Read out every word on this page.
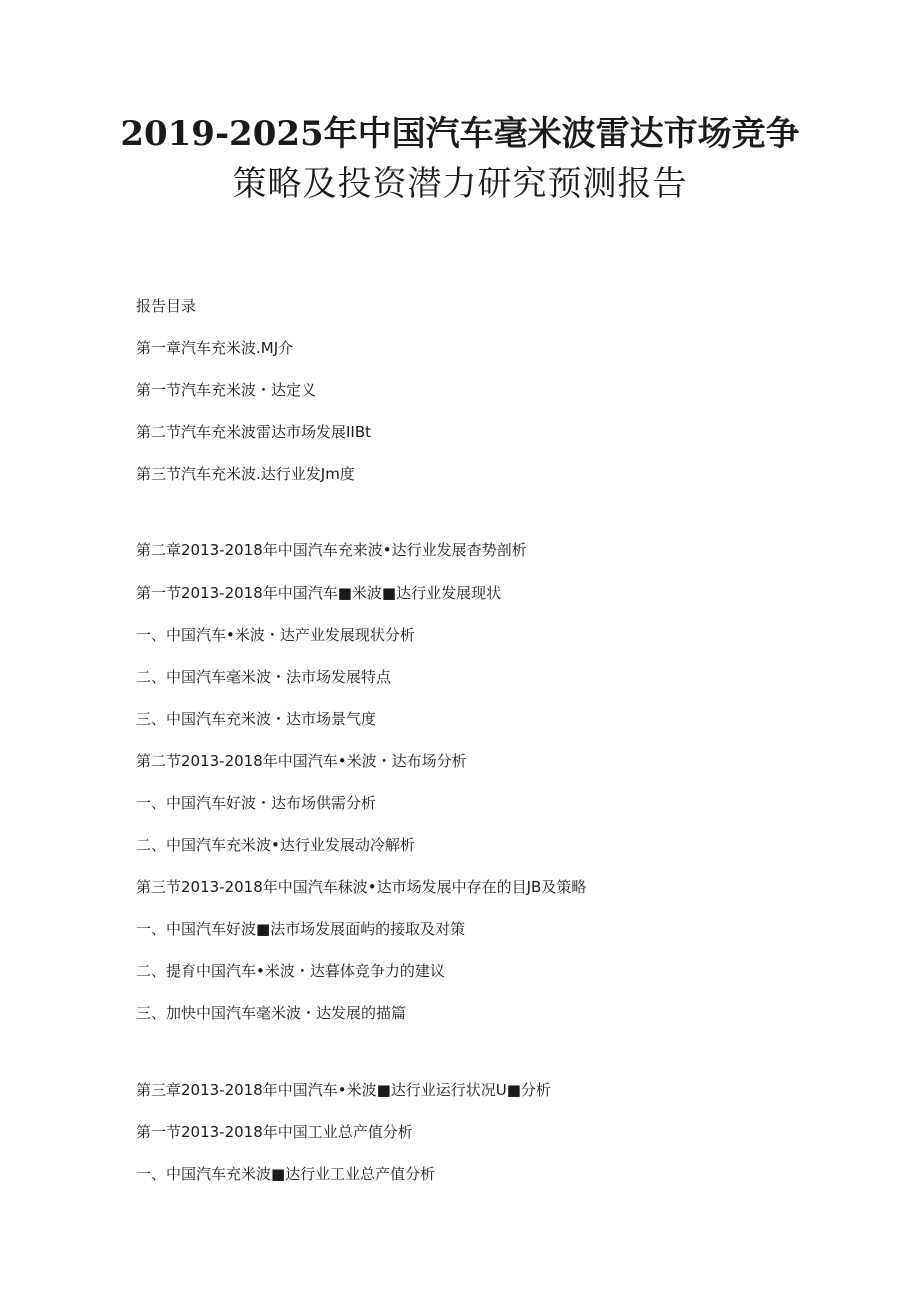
2019-2025年中国汽车毫米波雷达市场竞争
策略及投资潜力研究预测报告
报告目录
第一章汽车充米波.MJ介
第一节汽车充米波・达定义
第二节汽车充米波雷达市场发展IIBt
第三节汽车充米波.达行业发Jm度
第二章2013-2018年中国汽车充来波•达行业发展杳势剖析
第一节2013-2018年中国汽车■米波■达行业发展现状
一、中国汽车•米波・达产业发展现状分析
二、中国汽车毫米波・法市场发展特点
三、中国汽车充米波・达市场景气度
第二节2013-2018年中国汽车•米波・达布场分析
一、中国汽车好波・达布场供需分析
二、中国汽车充米波•达行业发展动冷解析
第三节2013-2018年中国汽车秣波•达市场发展中存在的目JB及策略
一、中国汽车好波■法市场发展面屿的接取及对策
二、提育中国汽车•米波・达暮体竞争力的建议
三、加快中国汽车毫米波・达发展的描篇
第三章2013-2018年中国汽车•米波■达行业运行状况U■分析
第一节2013-2018年中国工业总产值分析
一、中国汽车充米波■达行业工业总产值分析
